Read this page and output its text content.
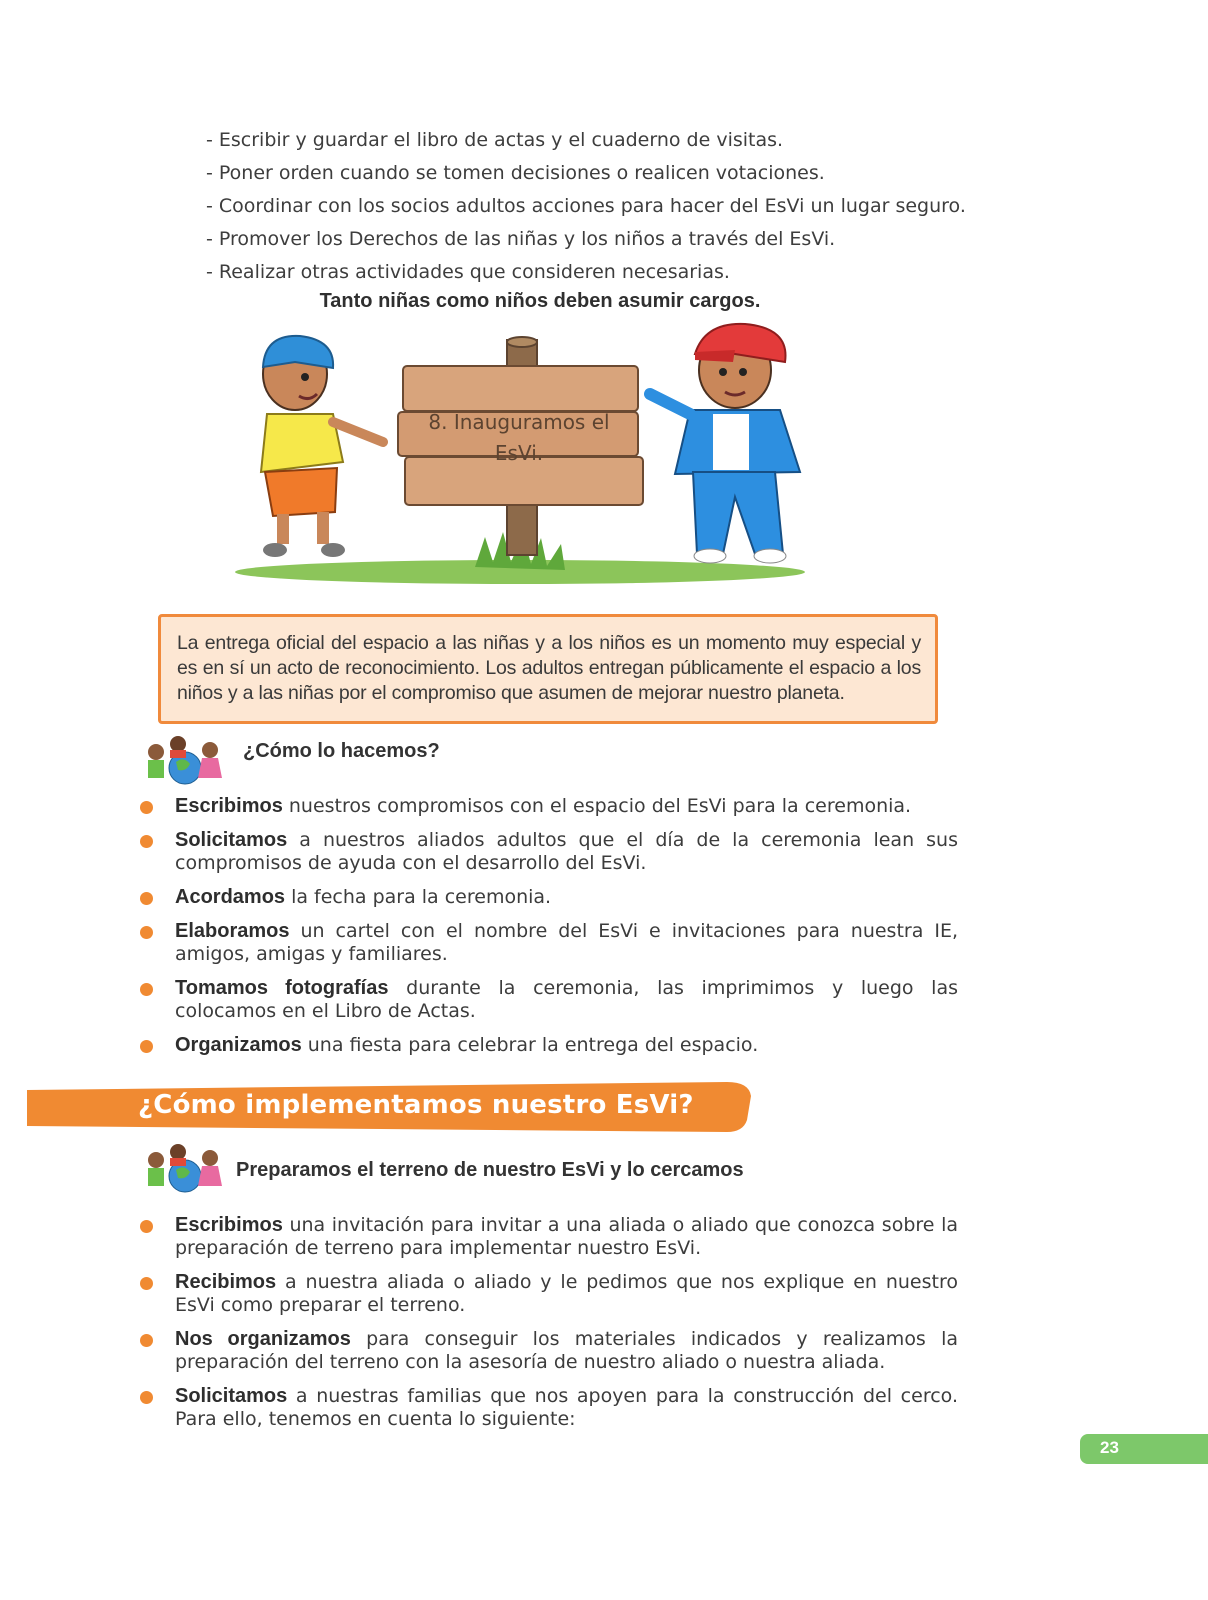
- Escribir y guardar el libro de actas y el cuaderno de visitas.
- Poner orden cuando se tomen decisiones o realicen votaciones.
- Coordinar con los socios adultos acciones para hacer del EsVi un lugar seguro.
- Promover los Derechos de las niñas y los niños a través del EsVi.
- Realizar otras actividades que consideren necesarias.
Tanto niñas como niños deben asumir cargos.
8. Inauguramos el
EsVi.
La entrega oficial del espacio a las niñas y a los niños es un momento muy especial y es en sí un acto de reconocimiento. Los adultos entregan públicamente el espacio a los niños y a las niñas por el compromiso que asumen de mejorar nuestro planeta.
¿Cómo lo hacemos?
Escribimos nuestros compromisos con el espacio del EsVi para la ceremonia.
Solicitamos a nuestros aliados adultos que el día de la ceremonia lean sus compromisos de ayuda con el desarrollo del EsVi.
Acordamos la fecha para la ceremonia.
Elaboramos un cartel con el nombre del EsVi e invitaciones para nuestra IE, amigos, amigas y familiares.
Tomamos fotografías durante la ceremonia, las imprimimos y luego las colocamos en el Libro de Actas.
Organizamos una fiesta para celebrar la entrega del espacio.
¿Cómo implementamos nuestro EsVi?
Preparamos el terreno de nuestro EsVi y lo cercamos
Escribimos una invitación para invitar a una aliada o aliado que conozca sobre la preparación de terreno para implementar nuestro EsVi.
Recibimos a nuestra aliada o aliado y le pedimos que nos explique en nuestro EsVi como preparar el terreno.
Nos organizamos para conseguir los materiales indicados y realizamos la preparación del terreno con la asesoría de nuestro aliado o nuestra aliada.
Solicitamos a nuestras familias que nos apoyen para la construcción del cerco. Para ello, tenemos en cuenta lo siguiente:
23
